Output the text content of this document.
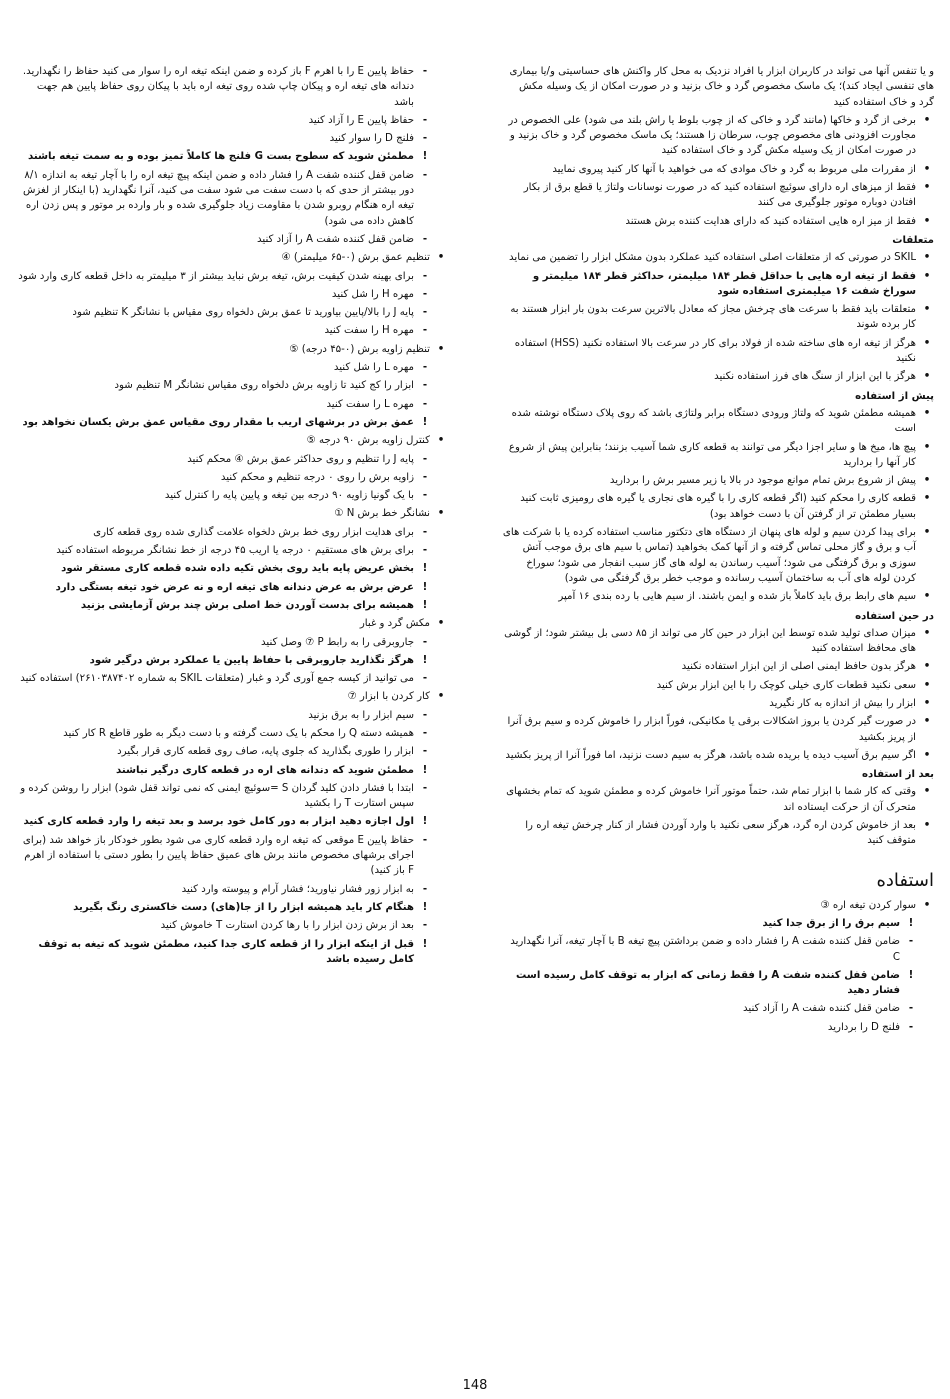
و یا تنفس آنها می تواند در کاربران ابزار یا افراد نزدیک به محل کار واکنش های حساسیتی و/یا بیماری های تنفسی ایجاد کند)؛ یک ماسک مخصوص گرد و خاک بزنید و در صورت امکان از یک وسیله مکش گرد و خاک استفاده کنید
•
برخی از گرد و خاکها (مانند گرد و خاکی که از چوب بلوط یا راش بلند می شود) علی الخصوص در مجاورت افزودنی های مخصوص چوب، سرطان زا هستند؛ یک ماسک مخصوص گرد و خاک بزنید و در صورت امکان از یک وسیله مکش گرد و خاک استفاده کنید
•
از مقررات ملی مربوط به گرد و خاک موادی که می خواهید با آنها کار کنید پیروی نمایید
•
فقط از میزهای اره دارای سوئیچ استفاده کنید که در صورت نوسانات ولتاژ یا قطع برق از بکار افتادن دوباره موتور جلوگیری می کنند
•
فقط از میز اره هایی استفاده کنید که دارای هدایت کننده برش هستند
متعلقات
•
SKIL در صورتی که از متعلقات اصلی استفاده کنید عملکرد بدون مشکل ابزار را تضمین می نماید
•
فقط از تیغه اره هایی با حداقل قطر ۱۸۴ میلیمتر، حداکثر قطر ۱۸۴ میلیمتر و سوراخ شفت ۱۶ میلیمتری استفاده شود
•
متعلقات باید فقط با سرعت های چرخش مجاز که معادل بالاترین سرعت بدون بار ابزار هستند به کار برده شوند
•
هرگز از تیغه اره های ساخته شده از فولاد برای کار در سرعت بالا استفاده نکنید (HSS) استفاده نکنید
•
هرگز با این ابزار از سنگ های فرز استفاده نکنید
پیش از استفاده
•
همیشه مطمئن شوید که ولتاژ ورودی دستگاه برابر ولتاژی باشد که روی پلاک دستگاه نوشته شده است
•
پیچ ها، میخ ها و سایر اجزا دیگر می توانند به قطعه کاری شما آسیب بزنند؛ بنابراین پیش از شروع کار آنها را بردارید
•
پیش از شروع برش تمام موانع موجود در بالا یا زیر مسیر برش را بردارید
•
قطعه کاری را محکم کنید (اگر قطعه کاری را با گیره های نجاری یا گیره های رومیزی ثابت کنید بسیار مطمئن تر از گرفتن آن با دست خواهد بود)
•
برای پیدا کردن سیم و لوله های پنهان از دستگاه های دتکتور مناسب استفاده کرده یا با شرکت های آب و برق و گاز محلی تماس گرفته و از آنها کمک بخواهید (تماس با سیم های برق موجب آتش سوزی و برق گرفتگی می شود؛ آسیب رساندن به لوله های گاز سبب انفجار می شود؛ سوراخ کردن لوله های آب به ساختمان آسیب رسانده و موجب خطر برق گرفتگی می شود)
•
سیم های رابط برق باید کاملاً باز شده و ایمن باشند. از سیم هایی با رده بندی ۱۶ آمپر
در حین استفاده
•
میزان صدای تولید شده توسط این ابزار در حین کار می تواند از ۸۵ دسی بل بیشتر شود؛ از گوشی های محافظ استفاده کنید
•
هرگز بدون حافظ ایمنی اصلی از این ابزار استفاده نکنید
•
سعی نکنید قطعات کاری خیلی کوچک را با این ابزار برش کنید
•
ابزار را بیش از اندازه به کار نگیرید
•
در صورت گیر کردن یا بروز اشکالات برقی یا مکانیکی، فوراً ابزار را خاموش کرده و سیم برق آنرا از پریز بکشید
•
اگر سیم برق آسیب دیده یا بریده شده باشد، هرگز به سیم دست نزنید، اما فوراً آنرا از پریز بکشید
بعد از استفاده
•
وقتی که کار شما با ابزار تمام شد، حتماً موتور آنرا خاموش کرده و مطمئن شوید که تمام بخشهای متحرک آن از حرکت ایستاده اند
•
بعد از خاموش کردن اره گرد، هرگز سعی نکنید با وارد آوردن فشار از کنار چرخش تیغه اره را متوقف کنید
استفاده
•
سوار کردن تیغه اره ③
!
سیم برق را از برق جدا کنید
-
ضامن قفل کننده شفت A را فشار داده و ضمن برداشتن پیچ تیغه B با آچار تیغه، آنرا نگهدارید C
!
ضامن قفل کننده شفت A را فقط زمانی که ابزار به توقف کامل رسیده است فشار دهید
-
ضامن قفل کننده شفت A را آزاد کنید
-
فلنج D را بردارید
-
حفاظ پایین E را با اهرم F باز کرده و ضمن اینکه تیغه اره را سوار می کنید حفاظ را نگهدارید. دندانه های تیغه اره و پیکان چاپ شده روی تیغه اره باید با پیکان روی حفاظ پایین هم جهت باشد
-
حفاظ پایین E را آزاد کنید
-
فلنج D را سوار کنید
!
مطمئن شوید که سطوح بست G فلنج ها کاملاً تمیز بوده و به سمت تیغه باشند
-
ضامن قفل کننده شفت A را فشار داده و ضمن اینکه پیچ تیغه اره را با آچار تیغه به اندازه ۸/۱ دور بیشتر از حدی که با دست سفت می شود سفت می کنید، آنرا نگهدارید (با اینکار از لغزش تیغه اره هنگام روبرو شدن با مقاومت زیاد جلوگیری شده و بار وارده بر موتور و پس زدن اره کاهش داده می شود)
-
ضامن قفل کننده شفت A را آزاد کنید
•
تنظیم عمق برش (۰-۶۵ میلیمتر) ④
-
برای بهینه شدن کیفیت برش، تیغه برش نباید بیشتر از ۳ میلیمتر به داخل قطعه کاری وارد شود
-
مهره H را شل کنید
-
پایه J را بالا/پایین بیاورید تا عمق برش دلخواه روی مقیاس با نشانگر K تنظیم شود
-
مهره H را سفت کنید
•
تنظیم زاویه برش (۰-۴۵ درجه) ⑤
-
مهره L را شل کنید
-
ابزار را کج کنید تا زاویه برش دلخواه روی مقیاس نشانگر M تنظیم شود
-
مهره L را سفت کنید
!
عمق برش در برشهای اریب با مقدار روی مقیاس عمق برش یکسان نخواهد بود
•
کنترل زاویه برش ۹۰ درجه ⑤
-
پایه J را تنظیم و روی حداکثر عمق برش ④ محکم کنید
-
زاویه برش را روی ۰ درجه تنظیم و محکم کنید
-
با یک گونیا زاویه ۹۰ درجه بین تیغه و پایین پایه را کنترل کنید
•
نشانگر خط برش N ①
-
برای هدایت ابزار روی خط برش دلخواه علامت گذاری شده روی قطعه کاری
-
برای برش های مستقیم ۰ درجه یا اریب ۴۵ درجه از خط نشانگر مربوطه استفاده کنید
!
بخش عریض پایه باید روی بخش تکیه داده شده قطعه کاری مستقر شود
!
عرض برش به عرض دندانه های تیغه اره و نه عرض خود تیغه بستگی دارد
!
همیشه برای بدست آوردن خط اصلی برش چند برش آزمایشی بزنید
•
مکش گرد و غبار
-
جاروبرقی را به رابط P ⑦ وصل کنید
!
هرگز نگذارید جاروبرقی با حفاظ پایین یا عملکرد برش درگیر شود
-
می توانید از کیسه جمع آوری گرد و غبار (متعلقات SKIL به شماره ۲۶۱۰۳۸۷۴۰۲) استفاده کنید
•
کار کردن با ابزار ⑦
-
سیم ابزار را به برق بزنید
-
همیشه دسته Q را محکم با یک دست گرفته و با دست دیگر به طور قاطع R کار کنید
-
ابزار را طوری بگذارید که جلوی پایه، صاف روی قطعه کاری قرار بگیرد
!
مطمئن شوید که دندانه های اره در قطعه کاری درگیر نباشند
-
ابتدا با فشار دادن کلید گردان S =سوئیچ ایمنی که نمی تواند قفل شود) ابزار را روشن کرده و سپس استارت T را بکشید
!
اول اجازه دهید ابزار به دور کامل خود برسد و بعد تیغه را وارد قطعه کاری کنید
-
حفاظ پایین E موقعی که تیغه اره وارد قطعه کاری می شود بطور خودکار باز خواهد شد (برای اجرای برشهای مخصوص مانند برش های عمیق حفاظ پایین را بطور دستی با استفاده از اهرم F باز کنید)
-
به ابزار زور فشار نیاورید؛ فشار آرام و پیوسته وارد کنید
!
هنگام کار باید همیشه ابزار را از جا(های) دست خاکستری رنگ بگیرید
-
بعد از برش زدن ابزار را با رها کردن استارت T خاموش کنید
!
قبل از اینکه ابزار را از قطعه کاری جدا کنید، مطمئن شوید که تیغه به توقف کامل رسیده باشد
148
